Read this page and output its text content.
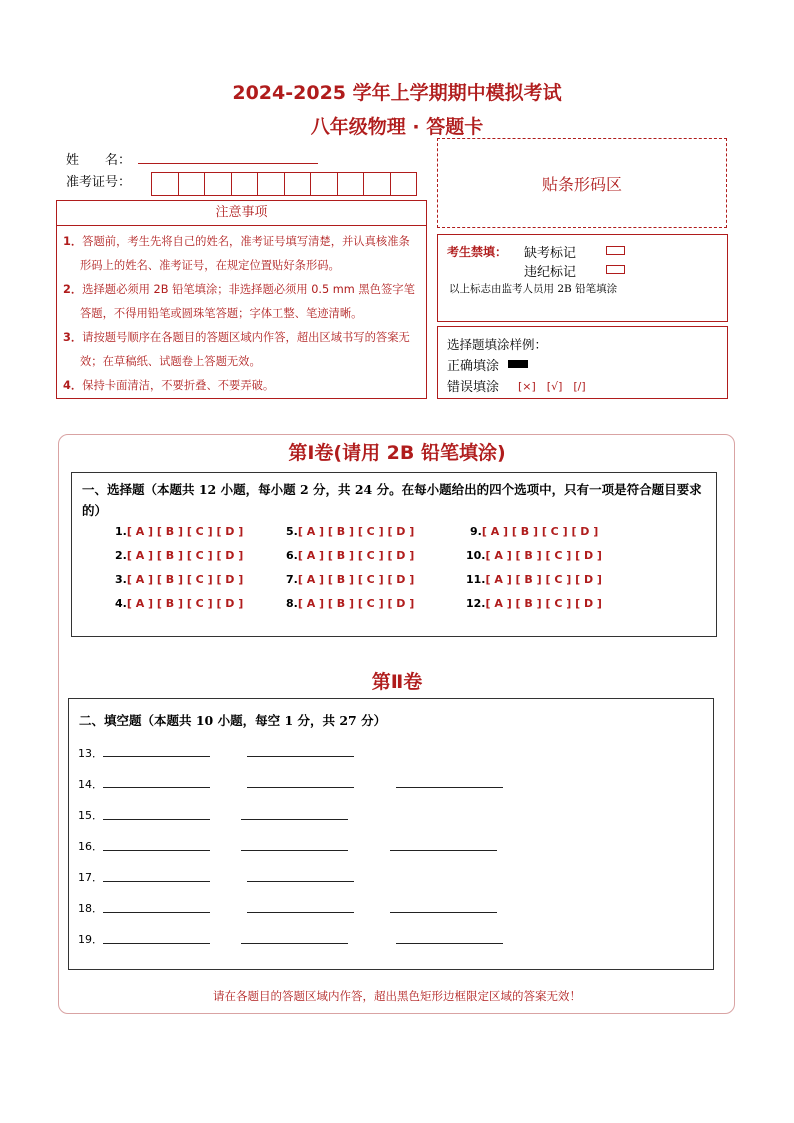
2024-2025 学年上学期期中模拟考试
八年级物理 · 答题卡
姓　　名：
准考证号：	贴条形码区
注意事项
1．答题前，考生先将自己的姓名，准考证号填写清楚，并认真核准条形码上的姓名、准考证号，在规定位置贴好条形码。
2．选择题必须用 2B 铅笔填涂；非选择题必须用 0.5 mm 黑色签字笔答题，不得用铅笔或圆珠笔答题；字体工整、笔迹清晰。
3．请按题号顺序在各题目的答题区域内作答，超出区域书写的答案无效；在草稿纸、试题卷上答题无效。
4．保持卡面清洁，不要折叠、不要弄破。
考生禁填： 缺考标记
违纪标记
以上标志由监考人员用 2B 铅笔填涂
选择题填涂样例：
正确填涂
错误填涂 [×]　[√]　[/]
第Ⅰ卷(请用 2B 铅笔填涂)
一、选择题（本题共 12 小题，每小题 2 分，共 24 分。在每小题给出的四个选项中，只有一项是符合题目要求的）
1.[ A ] [ B ] [ C ] [ D ]
2.[ A ] [ B ] [ C ] [ D ]
3.[ A ] [ B ] [ C ] [ D ]
4.[ A ] [ B ] [ C ] [ D ]
5.[ A ] [ B ] [ C ] [ D ]
6.[ A ] [ B ] [ C ] [ D ]
7.[ A ] [ B ] [ C ] [ D ]
8.[ A ] [ B ] [ C ] [ D ]
9.[ A ] [ B ] [ C ] [ D ]
10.[ A ] [ B ] [ C ] [ D ]
11.[ A ] [ B ] [ C ] [ D ]
12.[ A ] [ B ] [ C ] [ D ]
第Ⅱ卷
二、填空题（本题共 10 小题，每空 1 分，共 27 分）
13．
14．
15．
16．
17．
18．
19．
请在各题目的答题区域内作答，超出黑色矩形边框限定区域的答案无效！
